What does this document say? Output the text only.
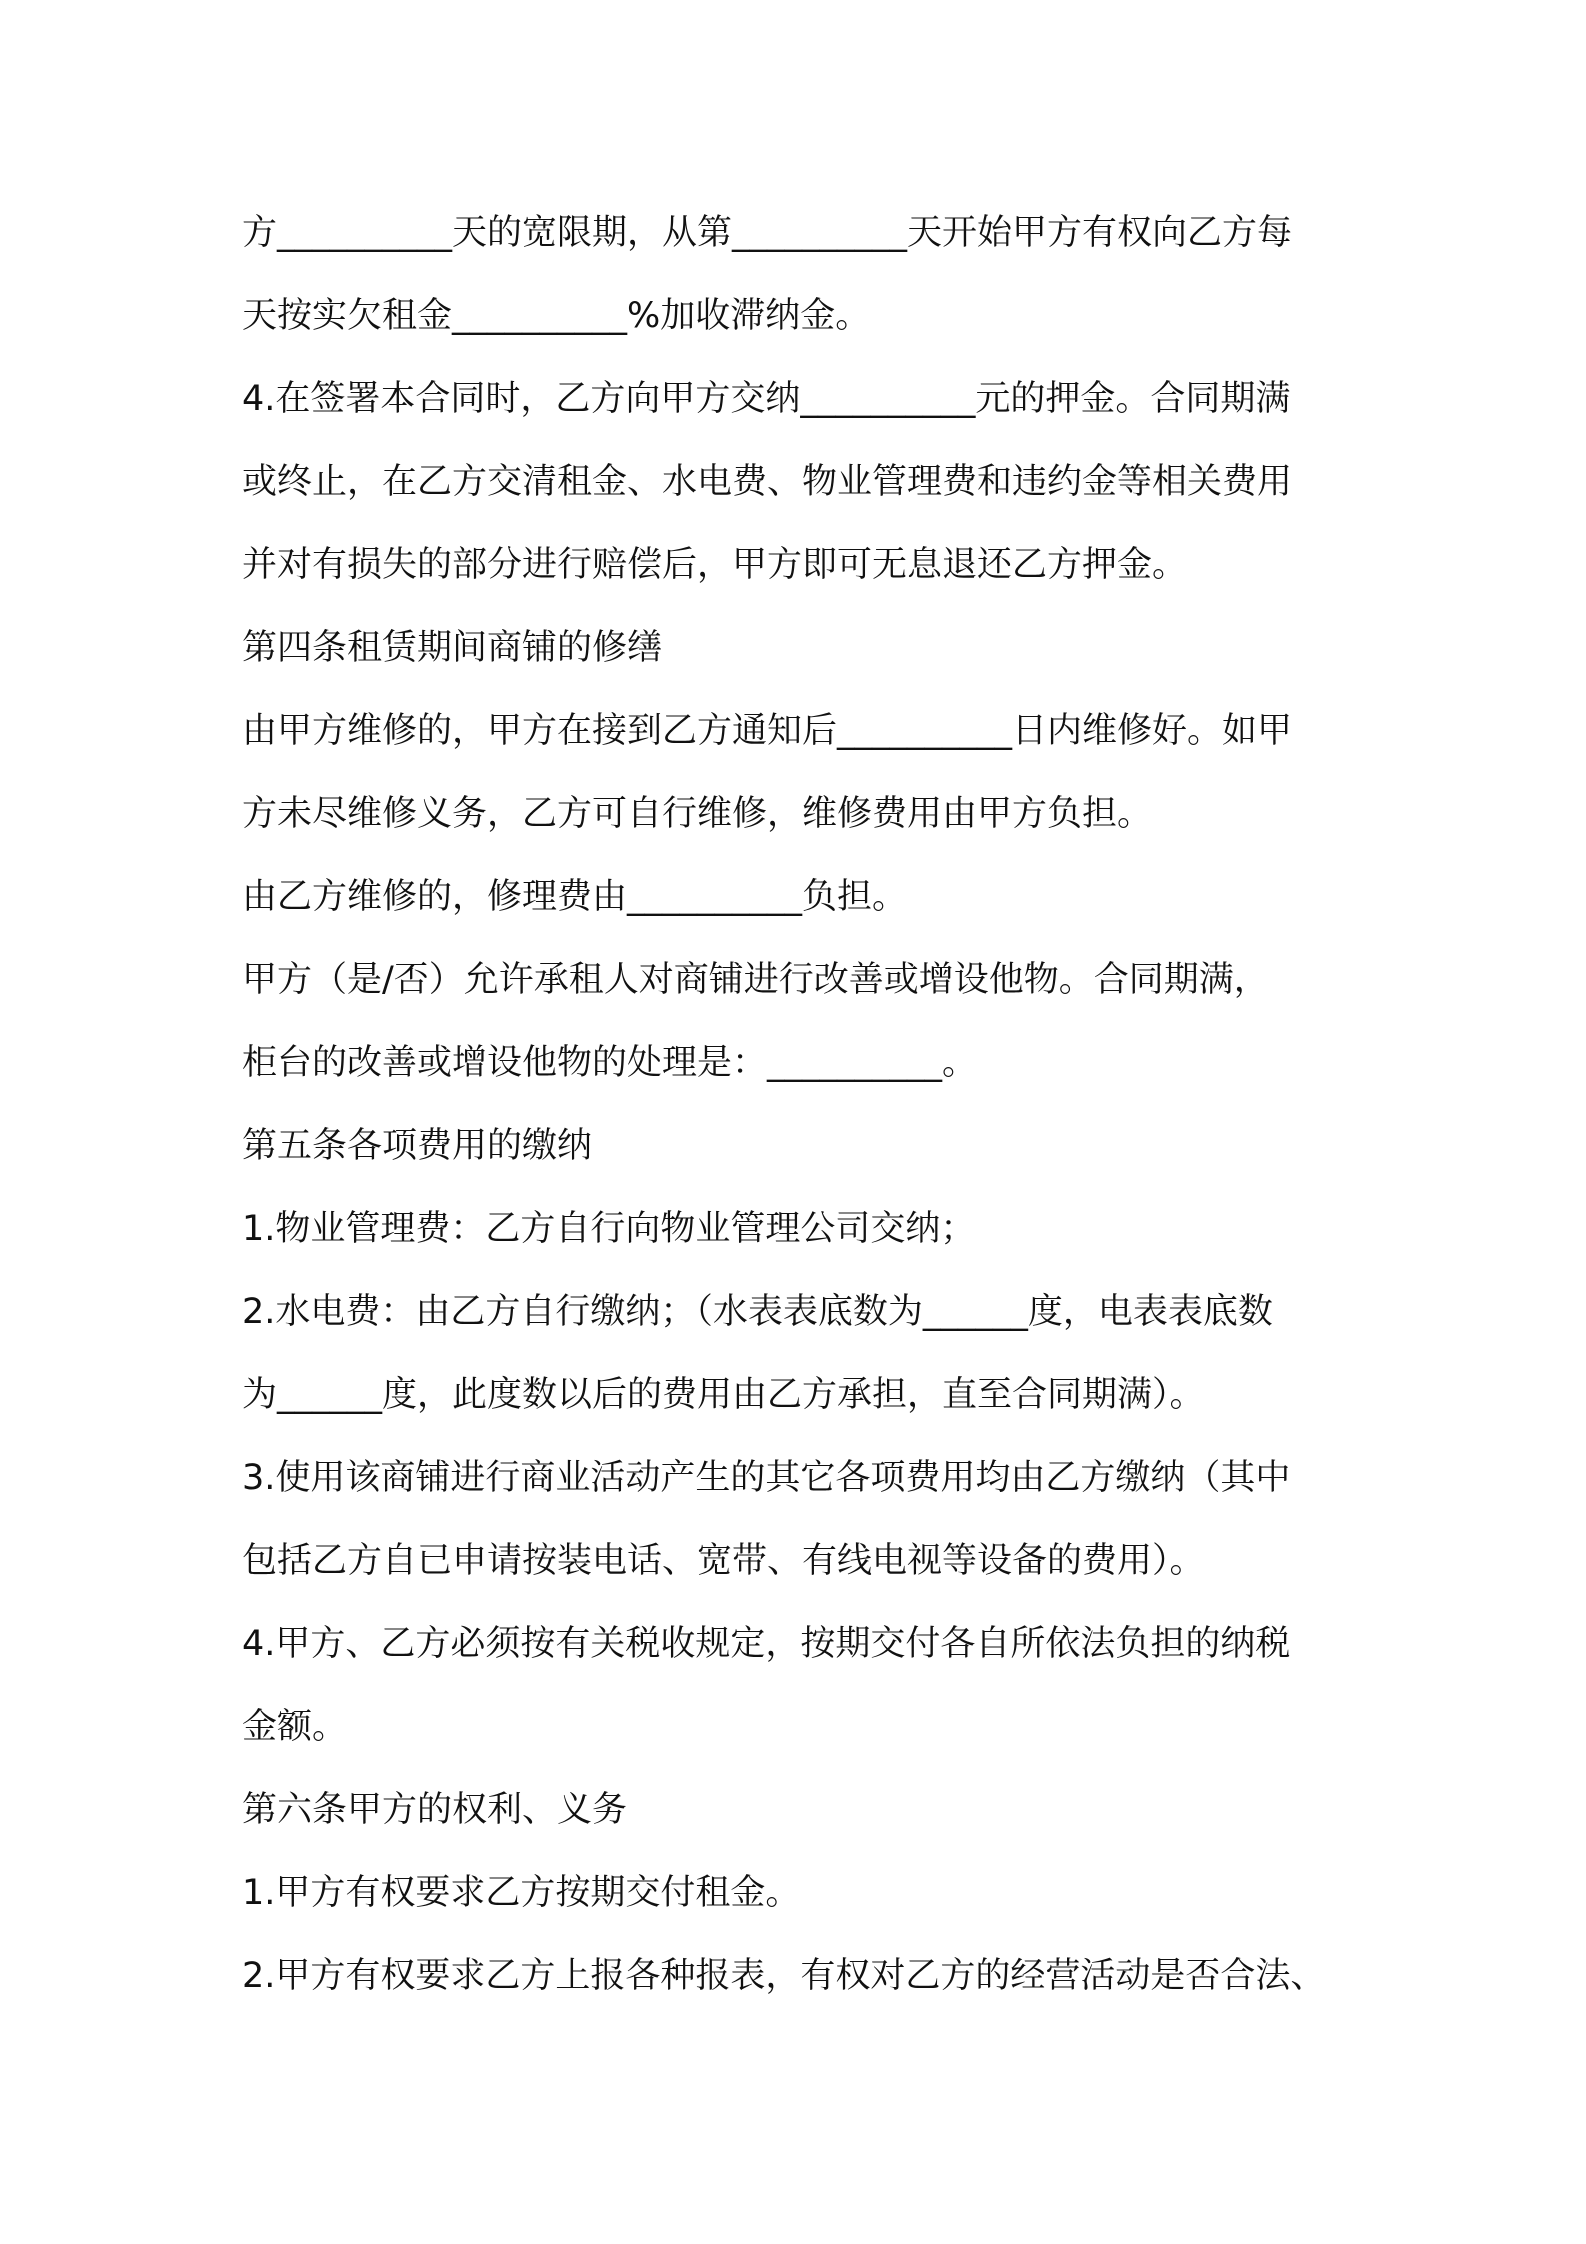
方__________天的宽限期，从第__________天开始甲方有权向乙方每
天按实欠租金__________%加收滞纳金。
4.在签署本合同时，乙方向甲方交纳__________元的押金。合同期满
或终止，在乙方交清租金、水电费、物业管理费和违约金等相关费用
并对有损失的部分进行赔偿后，甲方即可无息退还乙方押金。
第四条租赁期间商铺的修缮
由甲方维修的，甲方在接到乙方通知后__________日内维修好。如甲
方未尽维修义务，乙方可自行维修，维修费用由甲方负担。
由乙方维修的，修理费由__________负担。
甲方（是/否）允许承租人对商铺进行改善或增设他物。合同期满，
柜台的改善或增设他物的处理是：__________。
第五条各项费用的缴纳
1.物业管理费：乙方自行向物业管理公司交纳；
2.水电费：由乙方自行缴纳；（水表表底数为______度，电表表底数
为______度，此度数以后的费用由乙方承担，直至合同期满）。
3.使用该商铺进行商业活动产生的其它各项费用均由乙方缴纳（其中
包括乙方自已申请按装电话、宽带、有线电视等设备的费用）。
4.甲方、乙方必须按有关税收规定，按期交付各自所依法负担的纳税
金额。
第六条甲方的权利、义务
1.甲方有权要求乙方按期交付租金。
2.甲方有权要求乙方上报各种报表，有权对乙方的经营活动是否合法、
